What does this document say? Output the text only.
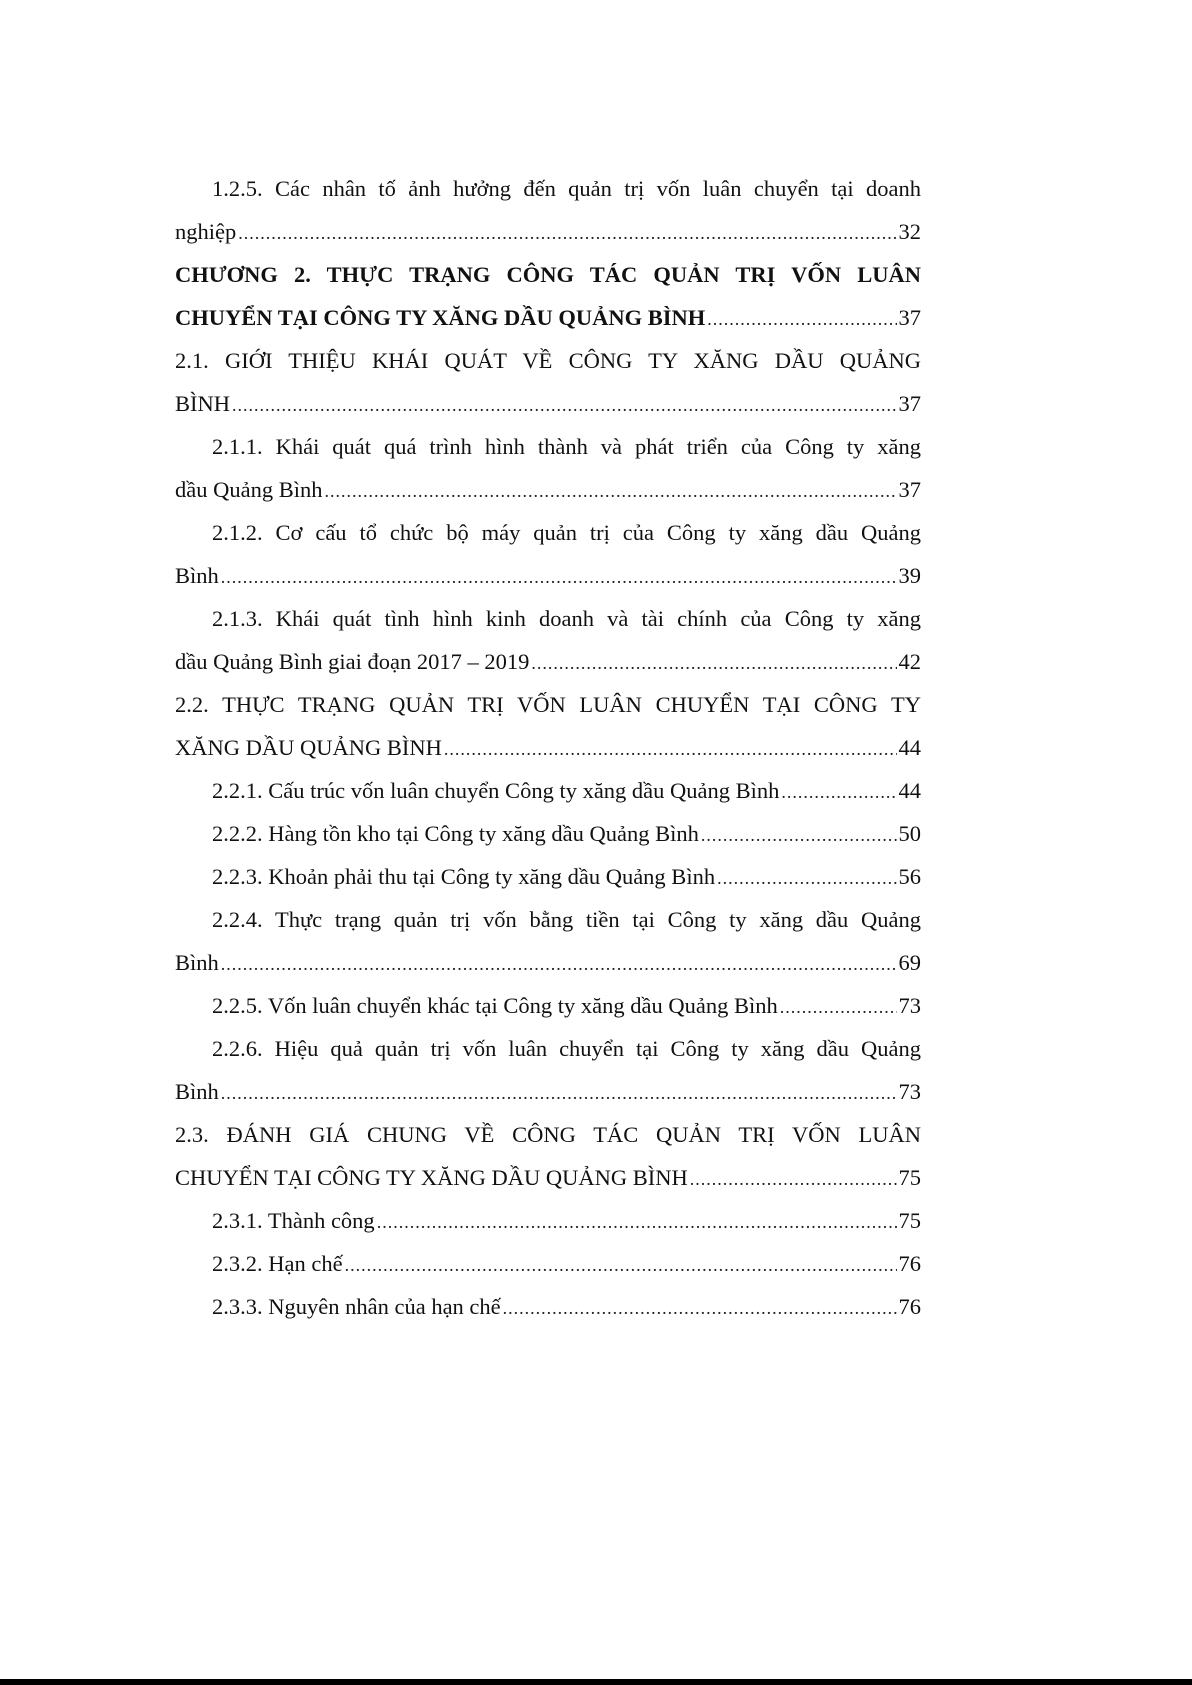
1.2.5. Các nhân tố ảnh hưởng đến quản trị vốn luân chuyển tại doanh
nghiệp .....	32
CHƯƠNG 2. THỰC TRẠNG CÔNG TÁC QUẢN TRỊ VỐN LUÂN
CHUYỂN TẠI CÔNG TY XĂNG DẦU QUẢNG BÌNH .....	37
2.1. GIỚI THIỆU KHÁI QUÁT VỀ CÔNG TY XĂNG DẦU QUẢNG
BÌNH .....	37
2.1.1. Khái quát quá trình hình thành và phát triển của Công ty xăng
dầu Quảng Bình .....	37
2.1.2. Cơ cấu tổ chức bộ máy quản trị của Công ty xăng dầu Quảng
Bình .....	39
2.1.3. Khái quát tình hình kinh doanh và tài chính của Công ty xăng
dầu Quảng Bình giai đoạn 2017 – 2019 .....	42
2.2. THỰC TRẠNG QUẢN TRỊ VỐN LUÂN CHUYỂN TẠI CÔNG TY
XĂNG DẦU QUẢNG BÌNH .....	44
2.2.1. Cấu trúc vốn luân chuyển Công ty xăng dầu Quảng Bình .....	44
2.2.2. Hàng tồn kho tại Công ty xăng dầu Quảng Bình .....	50
2.2.3. Khoản phải thu tại Công ty xăng dầu Quảng Bình .....	56
2.2.4. Thực trạng quản trị vốn bằng tiền tại Công ty xăng dầu Quảng
Bình .....	69
2.2.5. Vốn luân chuyển khác tại Công ty xăng dầu Quảng Bình .....	73
2.2.6. Hiệu quả quản trị vốn luân chuyển tại Công ty xăng dầu Quảng
Bình .....	73
2.3. ĐÁNH GIÁ CHUNG VỀ CÔNG TÁC QUẢN TRỊ VỐN LUÂN
CHUYỂN TẠI CÔNG TY XĂNG DẦU QUẢNG BÌNH .....	75
2.3.1. Thành công .....	75
2.3.2. Hạn chế .....	76
2.3.3. Nguyên nhân của hạn chế .....	76
